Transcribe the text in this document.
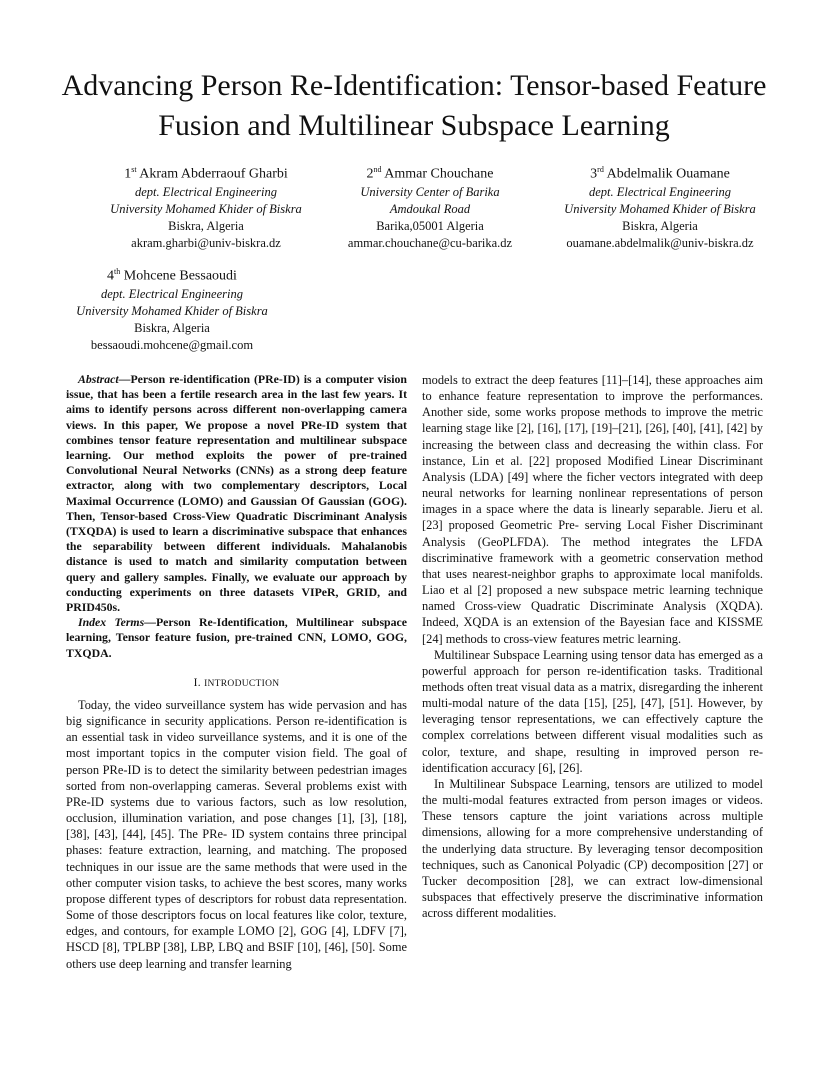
Advancing Person Re-Identification: Tensor-based Feature Fusion and Multilinear Subspace Learning
1st Akram Abderraouf Gharbi
dept. Electrical Engineering
University Mohamed Khider of Biskra
Biskra, Algeria
akram.gharbi@univ-biskra.dz
2nd Ammar Chouchane
University Center of Barika
Amdoukal Road
Barika,05001 Algeria
ammar.chouchane@cu-barika.dz
3rd Abdelmalik Ouamane
dept. Electrical Engineering
University Mohamed Khider of Biskra
Biskra, Algeria
ouamane.abdelmalik@univ-biskra.dz
4th Mohcene Bessaoudi
dept. Electrical Engineering
University Mohamed Khider of Biskra
Biskra, Algeria
bessaoudi.mohcene@gmail.com

Abstract—Person re-identification (PRe-ID) is a computer vision issue, that has been a fertile research area in the last few years. It aims to identify persons across different non-overlapping camera views. In this paper, We propose a novel PRe-ID system that combines tensor feature representation and multilinear subspace learning. Our method exploits the power of pre-trained Convolutional Neural Networks (CNNs) as a strong deep feature extractor, along with two complementary descriptors, Local Maximal Occurrence (LOMO) and Gaussian Of Gaussian (GOG). Then, Tensor-based Cross-View Quadratic Discriminant Analysis (TXQDA) is used to learn a discriminative subspace that enhances the separability between different individuals. Mahalanobis distance is used to match and similarity computation between query and gallery samples. Finally, we evaluate our approach by conducting experiments on three datasets VIPeR, GRID, and PRID450s.

Index Terms—Person Re-Identification, Multilinear subspace learning, Tensor feature fusion, pre-trained CNN, LOMO, GOG, TXQDA.

I. INTRODUCTION

Today, the video surveillance system has wide pervasion and has big significance in security applications. Person re-identification is an essential task in video surveillance systems, and it is one of the most important topics in the computer vision field. The goal of person PRe-ID is to detect the similarity between pedestrian images sorted from non-overlapping cameras. Several problems exist with PRe-ID systems due to various factors, such as low resolution, occlusion, illumination variation, and pose changes [1], [3], [18], [38], [43], [44], [45]. The PRe- ID system contains three principal phases: feature extraction, learning, and matching. The proposed techniques in our issue are the same methods that were used in the other computer vision tasks, to achieve the best scores, many works propose different types of descriptors for robust data representation. Some of those descriptors focus on local features like color, texture, edges, and contours, for example LOMO [2], GOG [4], LDFV [7], HSCD [8], TPLBP [38], LBP, LBQ and BSIF [10], [46], [50]. Some others use deep learning and transfer learning

models to extract the deep features [11]–[14], these approaches aim to enhance feature representation to improve the performances. Another side, some works propose methods to improve the metric learning stage like [2], [16], [17], [19]–[21], [26], [40], [41], [42] by increasing the between class and decreasing the within class. For instance, Lin et al. [22] proposed Modified Linear Discriminant Analysis (LDA) [49] where the ficher vectors integrated with deep neural networks for learning nonlinear representations of person images in a space where the data is linearly separable. Jieru et al. [23] proposed Geometric Pre- serving Local Fisher Discriminant Analysis (GeoPLFDA). The method integrates the LFDA discriminative framework with a geometric conservation method that uses nearest-neighbor graphs to approximate local manifolds. Liao et al [2] proposed a new subspace metric learning technique named Cross-view Quadratic Discriminate Analysis (XQDA). Indeed, XQDA is an extension of the Bayesian face and KISSME [24] methods to cross-view features metric learning.

Multilinear Subspace Learning using tensor data has emerged as a powerful approach for person re-identification tasks. Traditional methods often treat visual data as a matrix, disregarding the inherent multi-modal nature of the data [15], [25], [47], [51]. However, by leveraging tensor representations, we can effectively capture the complex correlations between different visual modalities such as color, texture, and shape, resulting in improved person re-identification accuracy [6], [26].

In Multilinear Subspace Learning, tensors are utilized to model the multi-modal features extracted from person images or videos. These tensors capture the joint variations across multiple dimensions, allowing for a more comprehensive understanding of the underlying data structure. By leveraging tensor decomposition techniques, such as Canonical Polyadic (CP) decomposition [27] or Tucker decomposition [28], we can extract low-dimensional subspaces that effectively preserve the discriminative information across different modalities.
